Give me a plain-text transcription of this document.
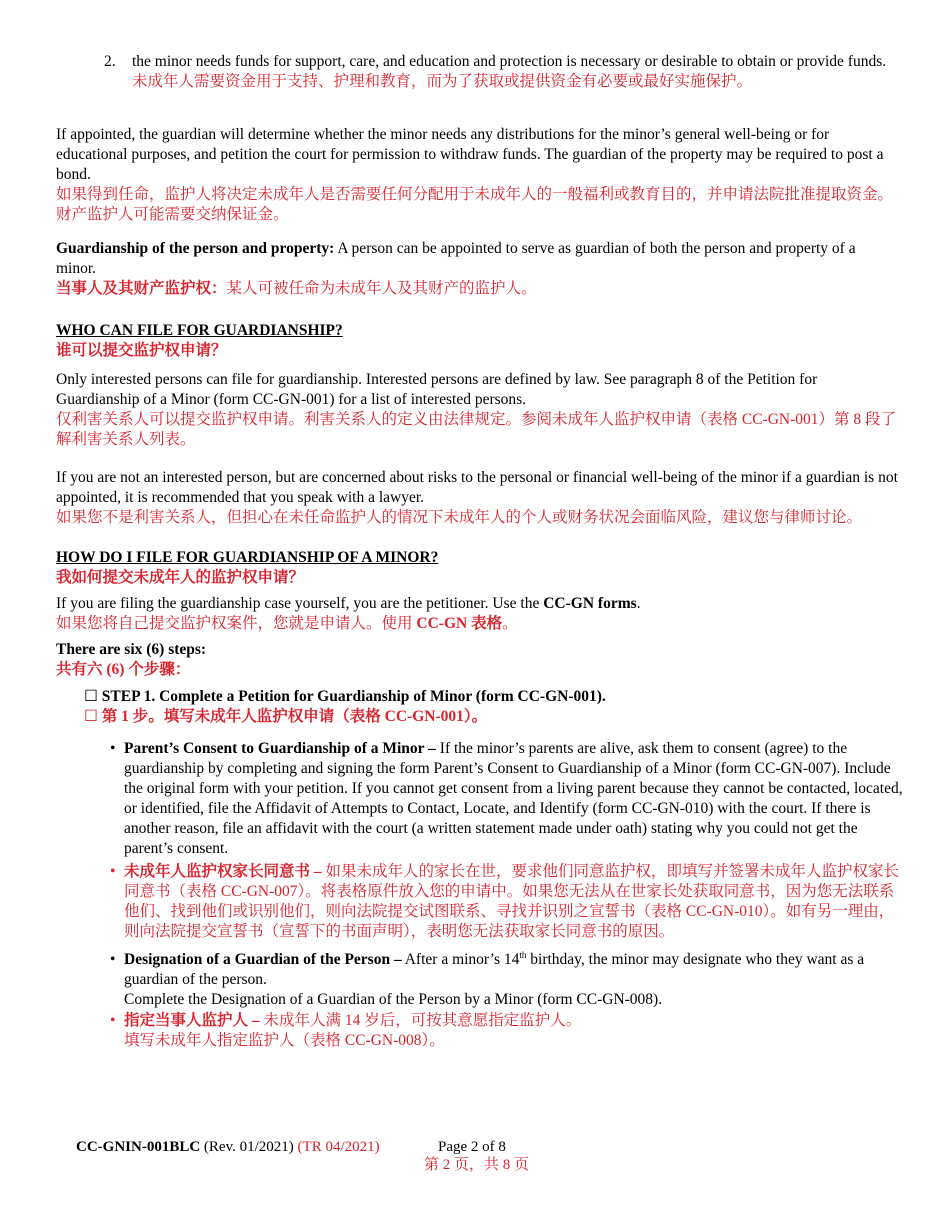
2. the minor needs funds for support, care, and education and protection is necessary or desirable to obtain or provide funds.

未成年人需要资金用于支持、护理和教育，而为了获取或提供资金有必要或最好实施保护。

If appointed, the guardian will determine whether the minor needs any distributions for the minor’s general well-being or for educational purposes, and petition the court for permission to withdraw funds. The guardian of the property may be required to post a bond.

如果得到任命，监护人将决定未成年人是否需要任何分配用于未成年人的一般福利或教育目的，并申请法院批准提取资金。财产监护人可能需要交纳保证金。

Guardianship of the person and property: A person can be appointed to serve as guardian of both the person and property of a minor.

当事人及其财产监护权：某人可被任命为未成年人及其财产的监护人。

WHO CAN FILE FOR GUARDIANSHIP?

谁可以提交监护权申请？

Only interested persons can file for guardianship. Interested persons are defined by law. See paragraph 8 of the Petition for Guardianship of a Minor (form CC-GN-001) for a list of interested persons.

仅利害关系人可以提交监护权申请。利害关系人的定义由法律规定。参阅未成年人监护权申请（表格 CC-GN-001）第 8 段了解利害关系人列表。

If you are not an interested person, but are concerned about risks to the personal or financial well-being of the minor if a guardian is not appointed, it is recommended that you speak with a lawyer.

如果您不是利害关系人，但担心在未任命监护人的情况下未成年人的个人或财务状况会面临风险，建议您与律师讨论。

HOW DO I FILE FOR GUARDIANSHIP OF A MINOR?

我如何提交未成年人的监护权申请？

If you are filing the guardianship case yourself, you are the petitioner. Use the CC-GN forms.

如果您将自己提交监护权案件，您就是申请人。使用 CC-GN 表格。

There are six (6) steps:

共有六 (6) 个步骤：

☐ STEP 1. Complete a Petition for Guardianship of Minor (form CC-GN-001).

☐ 第 1 步。填写未成年人监护权申请（表格 CC-GN-001）。

• Parent’s Consent to Guardianship of a Minor – If the minor’s parents are alive, ask them to consent (agree) to the guardianship by completing and signing the form Parent’s Consent to Guardianship of a Minor (form CC-GN-007). Include the original form with your petition. If you cannot get consent from a living parent because they cannot be contacted, located, or identified, file the Affidavit of Attempts to Contact, Locate, and Identify (form CC-GN-010) with the court. If there is another reason, file an affidavit with the court (a written statement made under oath) stating why you could not get the parent’s consent.

• 未成年人监护权家长同意书 – 如果未成年人的家长在世，要求他们同意监护权，即填写并签署未成年人监护权家长同意书（表格 CC-GN-007）。将表格原件放入您的申请中。如果您无法从在世家长处获取同意书，因为您无法联系他们、找到他们或识别他们，则向法院提交试图联系、寻找并识别之宣誓书（表格 CC-GN-010）。如有另一理由，则向法院提交宣誓书（宣誓下的书面声明），表明您无法获取家长同意书的原因。

• Designation of a Guardian of the Person – After a minor’s 14th birthday, the minor may designate who they want as a guardian of the person.

Complete the Designation of a Guardian of the Person by a Minor (form CC-GN-008).

• 指定当事人监护人 – 未成年人满 14 岁后，可按其意愿指定监护人。

填写未成年人指定监护人（表格 CC-GN-008）。

CC-GNIN-001BLC (Rev. 01/2021) (TR 04/2021)	Page 2 of 8
第 2 页，共 8 页
